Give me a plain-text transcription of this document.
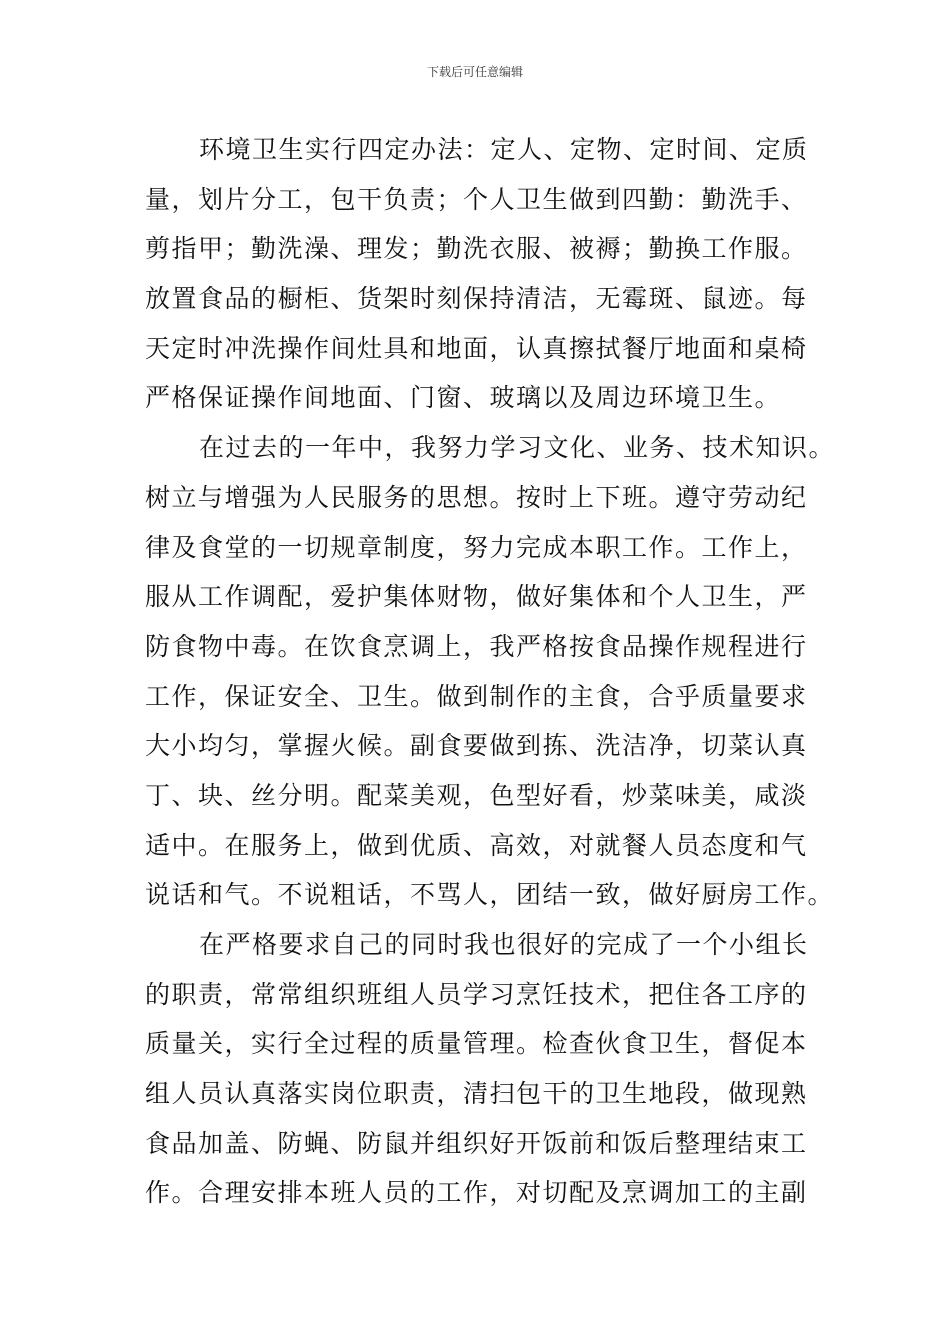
下载后可任意编辑
环境卫生实行四定办法：定人、定物、定时间、定质
量，划片分工，包干负责；个人卫生做到四勤：勤洗手、
剪指甲；勤洗澡、理发；勤洗衣服、被褥；勤换工作服。
放置食品的橱柜、货架时刻保持清洁，无霉斑、鼠迹。每
天定时冲洗操作间灶具和地面，认真擦拭餐厅地面和桌椅
严格保证操作间地面、门窗、玻璃以及周边环境卫生。
在过去的一年中，我努力学习文化、业务、技术知识。
树立与增强为人民服务的思想。按时上下班。遵守劳动纪
律及食堂的一切规章制度，努力完成本职工作。工作上，
服从工作调配，爱护集体财物，做好集体和个人卫生，严
防食物中毒。在饮食烹调上，我严格按食品操作规程进行
工作，保证安全、卫生。做到制作的主食，合乎质量要求
大小均匀，掌握火候。副食要做到拣、洗洁净，切菜认真
丁、块、丝分明。配菜美观，色型好看，炒菜味美，咸淡
适中。在服务上，做到优质、高效，对就餐人员态度和气
说话和气。不说粗话，不骂人，团结一致，做好厨房工作。
在严格要求自己的同时我也很好的完成了一个小组长
的职责，常常组织班组人员学习烹饪技术，把住各工序的
质量关，实行全过程的质量管理。检查伙食卫生，督促本
组人员认真落实岗位职责，清扫包干的卫生地段，做现熟
食品加盖、防蝇、防鼠并组织好开饭前和饭后整理结束工
作。合理安排本班人员的工作，对切配及烹调加工的主副
